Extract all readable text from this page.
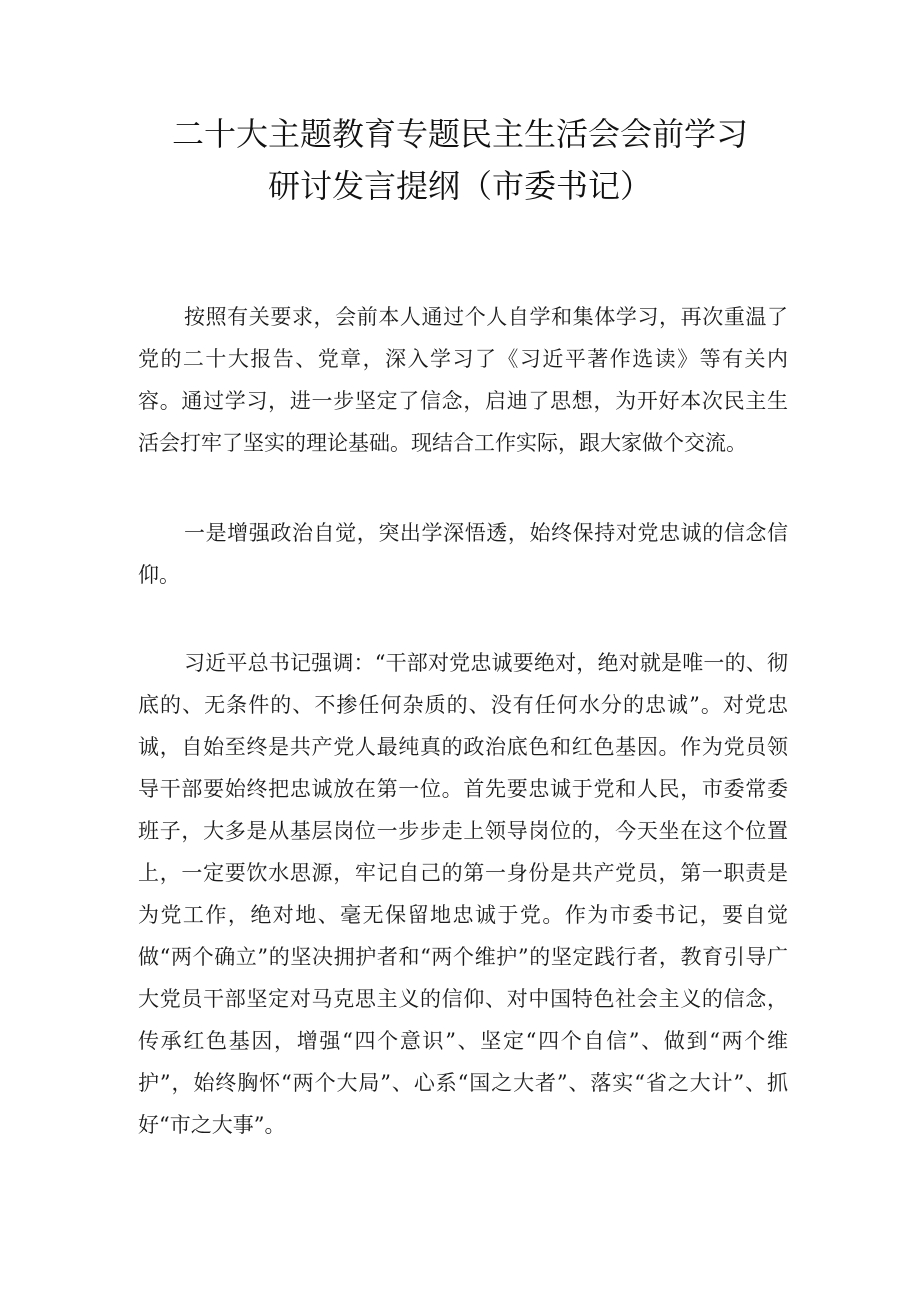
二十大主题教育专题民主生活会会前学习
研讨发言提纲（市委书记）

按照有关要求，会前本人通过个人自学和集体学习，再次重温了党的二十大报告、党章，深入学习了《习近平著作选读》等有关内容。通过学习，进一步坚定了信念，启迪了思想，为开好本次民主生活会打牢了坚实的理论基础。现结合工作实际，跟大家做个交流。

一是增强政治自觉，突出学深悟透，始终保持对党忠诚的信念信仰。

习近平总书记强调：“干部对党忠诚要绝对，绝对就是唯一的、彻底的、无条件的、不掺任何杂质的、没有任何水分的忠诚”。对党忠诚，自始至终是共产党人最纯真的政治底色和红色基因。作为党员领导干部要始终把忠诚放在第一位。首先要忠诚于党和人民，市委常委班子，大多是从基层岗位一步步走上领导岗位的，今天坐在这个位置上，一定要饮水思源，牢记自己的第一身份是共产党员，第一职责是为党工作，绝对地、毫无保留地忠诚于党。作为市委书记，要自觉做“两个确立”的坚决拥护者和“两个维护”的坚定践行者，教育引导广大党员干部坚定对马克思主义的信仰、对中国特色社会主义的信念，传承红色基因，增强“四个意识”、坚定“四个自信”、做到“两个维护”，始终胸怀“两个大局”、心系“国之大者”、落实“省之大计”、抓好“市之大事”。
